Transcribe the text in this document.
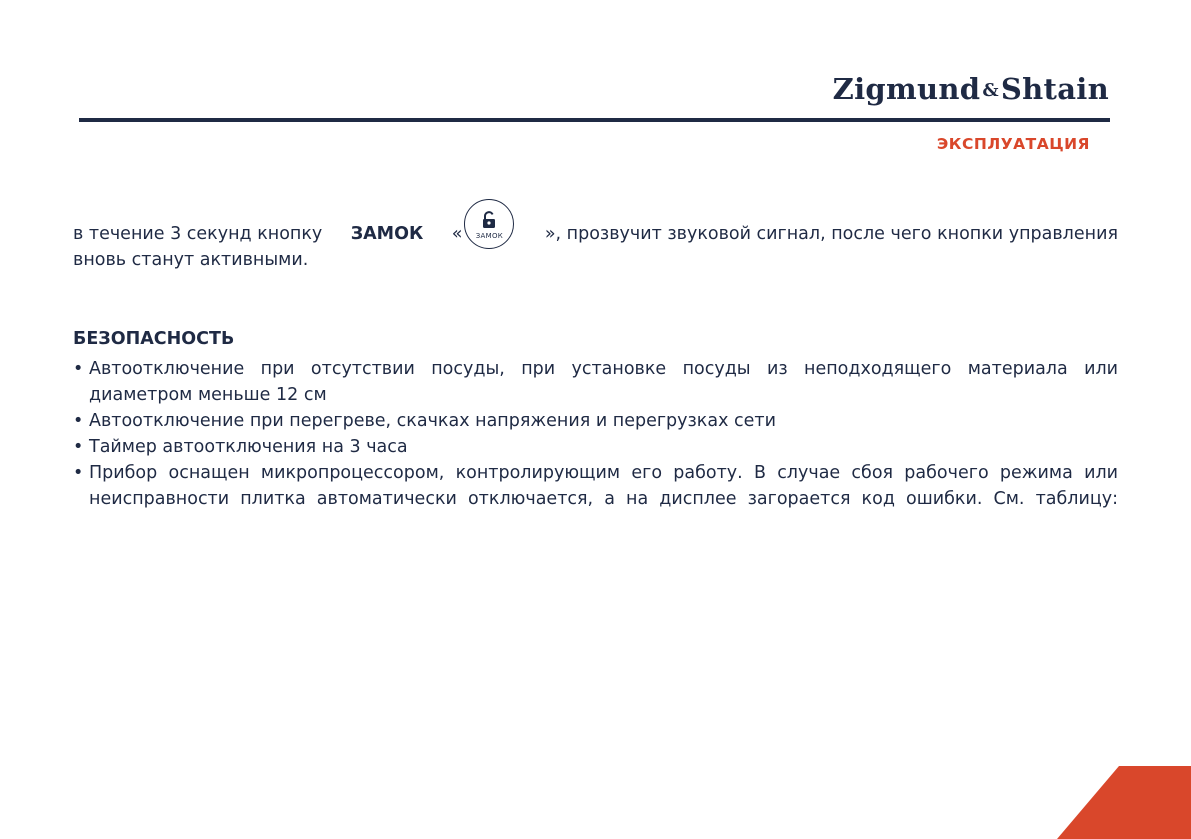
Zigmund &Shtain
ЭКСПЛУАТАЦИЯ
в течение 3 секунд кнопку ЗАМОК «	ЗАМОК	», прозвучит звуковой сигнал, после чего кнопки управления
вновь станут активными.
БЕЗОПАСНОСТЬ
• Автоотключение при отсутствии посуды, при установке посуды из неподходящего материала или
диаметром меньше 12 см
• Автоотключение при перегреве, скачках напряжения и перегрузках сети
• Таймер автоотключения на 3 часа
• Прибор оснащен микропроцессором, контролирующим его работу. В случае сбоя рабочего режима или
неисправности плитка автоматически отключается, а на дисплее загорается код ошибки. См. таблицу:
